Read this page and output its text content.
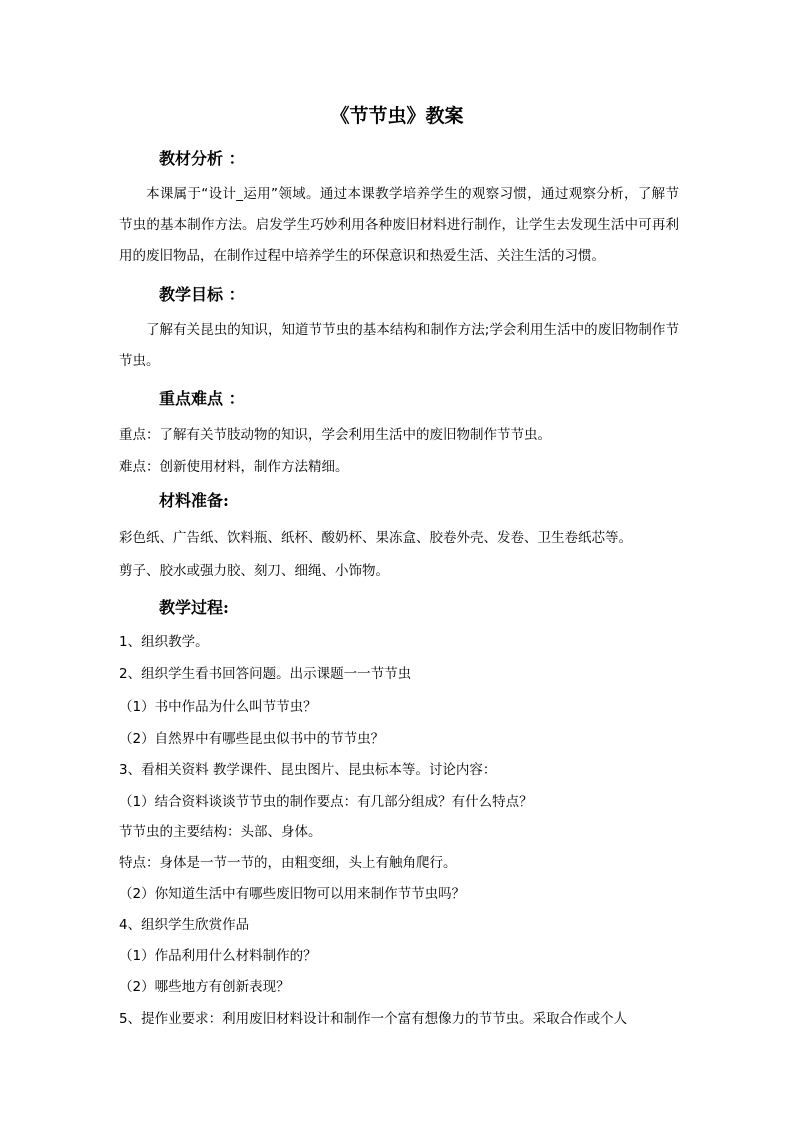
《节节虫》教案
教材分析 ：
本课属于“设计_运用”领域。通过本课教学培养学生的观察习惯，通过观察分析，了解节节虫的基本制作方法。启发学生巧妙利用各种废旧材料进行制作，让学生去发现生活中可再利用的废旧物品，在制作过程中培养学生的环保意识和热爱生活、关注生活的习惯。
教学目标 ：
了解有关昆虫的知识，知道节节虫的基本结构和制作方法;学会利用生活中的废旧物制作节节虫。
重点难点 ：
重点：了解有关节肢动物的知识，学会利用生活中的废旧物制作节节虫。
难点：创新使用材料，制作方法精细。
材料准备:
彩色纸、广告纸、饮料瓶、纸杯、酸奶杯、果冻盒、胶卷外壳、发卷、卫生卷纸芯等。
剪子、胶水或强力胶、刻刀、细绳、小饰物。
教学过程:
1、组织教学。
2、组织学生看书回答问题。出示课题一一节节虫
（1）书中作品为什么叫节节虫？
（2）自然界中有哪些昆虫似书中的节节虫？
3、看相关资料 教学课件、昆虫图片、昆虫标本等。讨论内容：
（1）结合资料谈谈节节虫的制作要点：有几部分组成？有什么特点？
节节虫的主要结构：头部、身体。
特点：身体是一节一节的，由粗变细，头上有触角爬行。
（2）你知道生活中有哪些废旧物可以用来制作节节虫吗？
4、组织学生欣赏作品
（1）作品利用什么材料制作的？
（2）哪些地方有创新表现？
5、提作业要求：利用废旧材料设计和制作一个富有想像力的节节虫。采取合作或个人
